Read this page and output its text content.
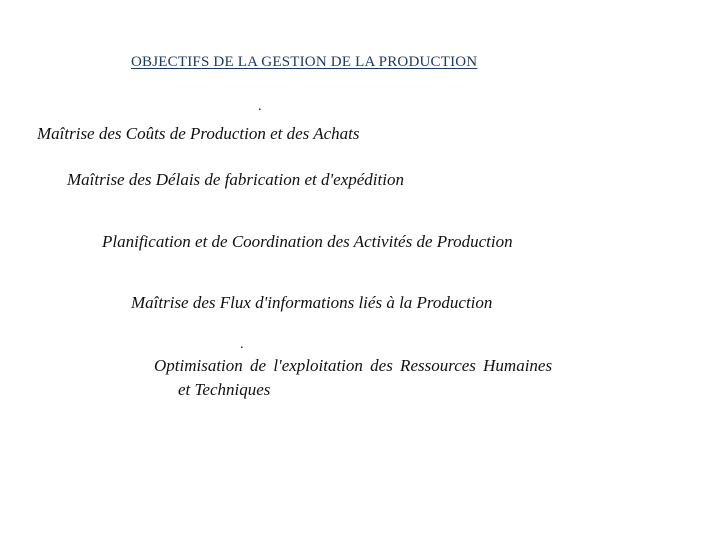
OBJECTIFS DE LA GESTION DE LA PRODUCTION
.
Maîtrise des Coûts de Production et des Achats
Maîtrise des Délais de fabrication et d'expédition
Planification et de Coordination des Activités de Production
Maîtrise des Flux d'informations liés à la Production
.
Optimisation de l'exploitation des Ressources Humaines
et Techniques
